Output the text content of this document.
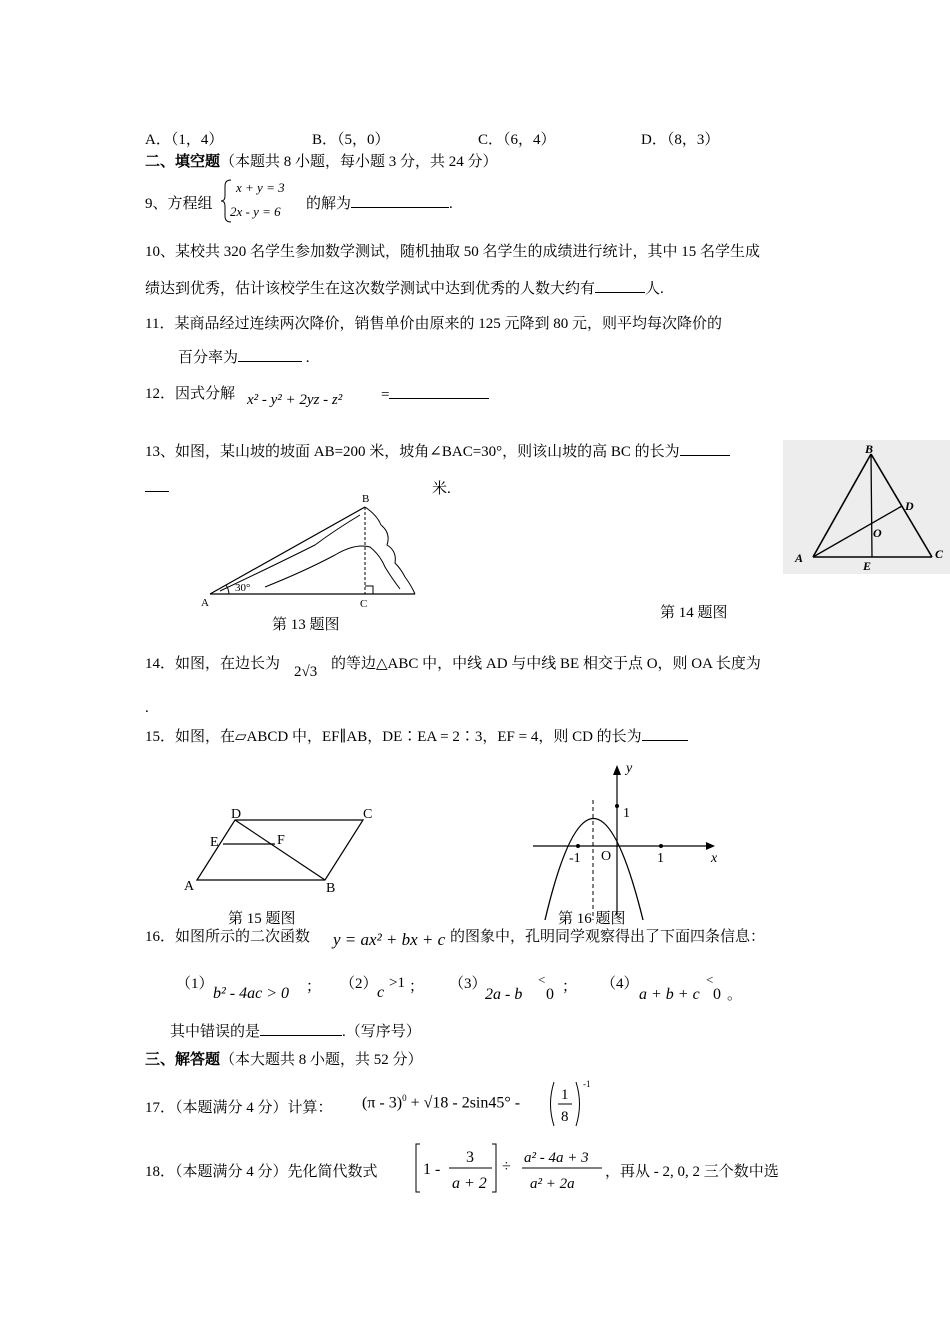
A．（1，4）	B．（5，0）	C．（6，4）	D．（8，3）
二、填空题（本题共 8 小题，每小题 3 分，共 24 分）
9、方程组
x + y = 3
2x - y = 6 的解为	.
10、某校共 320 名学生参加数学测试，随机抽取 50 名学生的成绩进行统计，其中 15 名学生成
绩达到优秀，估计该校学生在这次数学测试中达到优秀的人数大约有	人.
11．某商品经过连续两次降价，销售单价由原来的 125 元降到 80 元，则平均每次降价的
百分率为	.
12．因式分解 x² - y² + 2yz - z²	=
13、如图，某山坡的坡面 AB=200 米，坡角∠BAC=30°，则该山坡的高 BC 的长为
米.
A
B
C
30°
第 13 题图
B
D
O
A	C
E
第 14 题图
14．如图，在边长为 2√3 的等边△ABC 中，中线 AD 与中线 BE 相交于点 O，则 OA 长度为
.
15．如图，在▱ABCD 中，EF∥AB，DE∶EA = 2∶3，EF = 4，则 CD 的长为
D	C
E	F
A	B
第 15 题图
y
x
1
-1 O	1
第 16 题图
16．如图所示的二次函数 y = ax² + bx + c 的图象中，孔明同学观察得出了下面四条信息：
（1）
b² - 4ac > 0 ； （2） c
>1 ； （3）
2a - b
<
0 ； （4）
a + b + c
<
0 。
其中错误的是	.（写序号）
三、解答题（本大题共 8 小题，共 52 分）
17．（本题满分 4 分）计算： (π - 3)$^0$ + √18 - 2sin45° -	1
8
-1
18．（本题满分 4 分）先化简代数式	1 -
3
a + 2
÷ a² - 4a + 3
a² + 2a
，再从 - 2, 0, 2 三个数中选
